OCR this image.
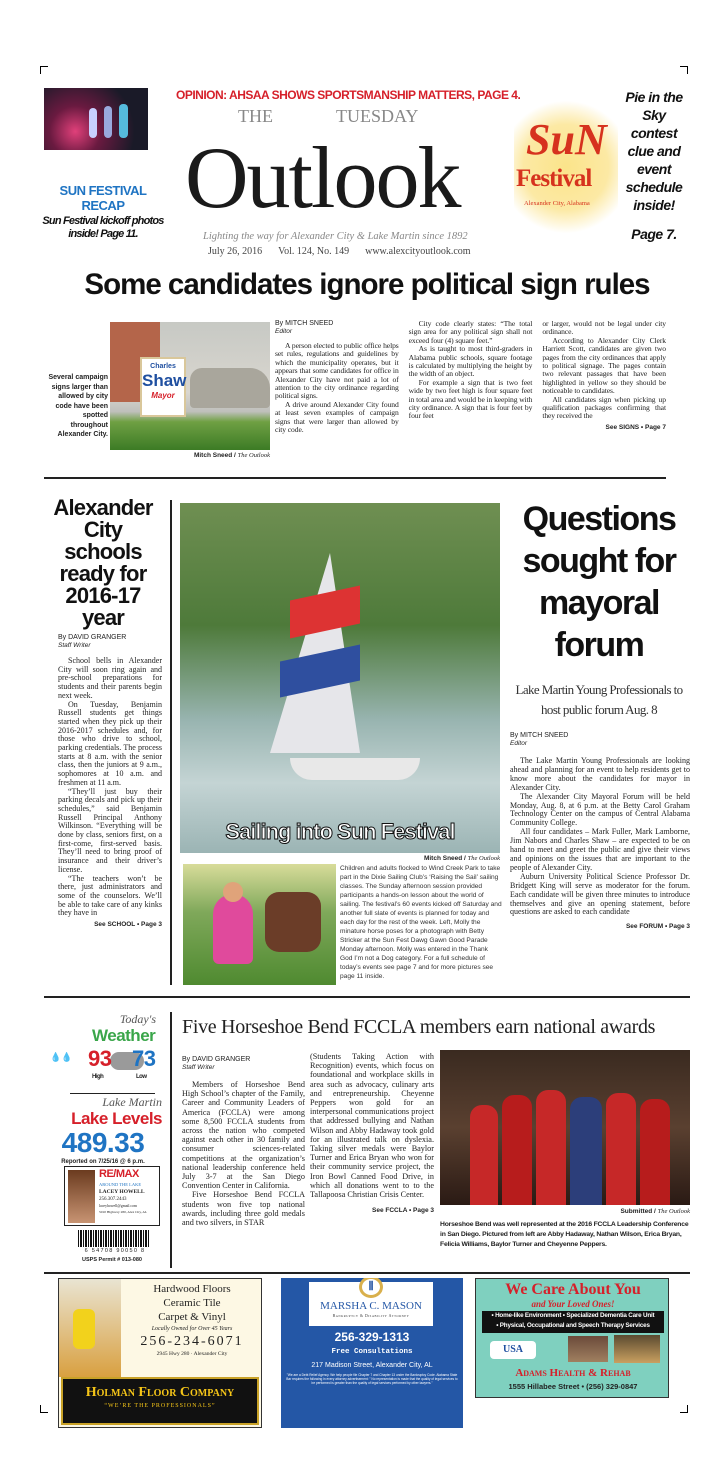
SUN FESTIVAL
RECAP
Sun Festival kickoff photos inside! Page 11.
OPINION: AHSAA SHOWS SPORTSMANSHIP MATTERS, PAGE 4.
THE	TUESDAY
Outlook
Lighting the way for Alexander City & Lake Martin since 1892
July 26, 2016 Vol. 124, No. 149 www.alexcityoutlook.com
SuN
Festival
Alexander City, Alabama
Pie in the Sky contest clue and event schedule inside!
Page 7.
Some candidates ignore political sign rules
Several campaign signs larger than allowed by city code have been spotted throughout Alexander City.
Charles
Shaw
Mayor
Mitch Sneed / The Outlook
By MITCH SNEED
Editor

A person elected to public office helps set rules, regulations and guidelines by which the municipality operates, but it appears that some candidates for office in Alexander City have not paid a lot of attention to the city ordinance regarding political signs.

A drive around Alexander City found at least seven examples of campaign signs that were larger than allowed by city code.

City code clearly states: “The total sign area for any political sign shall not exceed four (4) square feet.”

As is taught to most third-graders in Alabama public schools, square footage is calculated by multiplying the height by the width of an object.

For example a sign that is two feet wide by two feet high is four square feet in total area and would be in keeping with city ordinance. A sign that is four feet by four feet

or larger, would not be legal under city ordinance.

According to Alexander City Clerk Harriett Scott, candidates are given two pages from the city ordinances that apply to political signage. The pages contain two relevant passages that have been highlighted in yellow so they should be noticeable to candidates.

All candidates sign when picking up qualification packages confirming that they received the

See SIGNS • Page 7
Alexander City schools ready for 2016-17 year
By DAVID GRANGER
Staff Writer

School bells in Alexander City will soon ring again and pre-school preparations for students and their parents begin next week.

On Tuesday, Benjamin Russell students get things started when they pick up their 2016-2017 schedules and, for those who drive to school, parking credentials. The process starts at 8 a.m. with the senior class, then the juniors at 9 a.m., sophomores at 10 a.m. and freshmen at 11 a.m.

“They’ll just buy their parking decals and pick up their schedules,” said Benjamin Russell Principal Anthony Wilkinson. “Everything will be done by class, seniors first, on a first-come, first-served basis. They’ll need to bring proof of insurance and their driver’s license.

“The teachers won’t be there, just administrators and some of the counselors. We’ll be able to take care of any kinks they have in

See SCHOOL • Page 3
Sailing into Sun Festival
Mitch Sneed / The Outlook
Children and adults flocked to Wind Creek Park to take part in the Dixie Sailing Club’s ‘Raising the Sail’ sailing classes. The Sunday afternoon session provided participants a hands-on lesson about the world of sailing. The festival’s 60 events kicked off Saturday and another full slate of events is planned for today and each day for the rest of the week. Left, Molly the minature horse poses for a photograph with Betty Stricker at the Sun Fest Dawg Gawn Good Parade Monday afternoon. Molly was entered in the Thank God I’m not a Dog category. For a full schedule of today’s events see page 7 and for more pictures see page 11 inside.
Questions sought for mayoral forum
Lake Martin Young Professionals to host public forum Aug. 8
By MITCH SNEED
Editor

The Lake Martin Young Professionals are looking ahead and planning for an event to help residents get to know more about the candidates for mayor in Alexander City.

The Alexander City Mayoral Forum will be held Monday, Aug. 8, at 6 p.m. at the Betty Carol Graham Technology Center on the campus of Central Alabama Community College.

All four candidates – Mark Fuller, Mark Lamborne, Jim Nabors and Charles Shaw – are expected to be on hand to meet and greet the public and give their views and opinions on the issues that are important to the people of Alexander City.

Auburn University Political Science Professor Dr. Bridgett King will serve as moderator for the forum. Each candidate will be given three minutes to introduce themselves and give an opening statement, before questions are asked to each candidate

See FORUM • Page 3
Today's
Weather
💧💧 93 73
High	Low
Lake Martin
Lake Levels
489.33
Reported on 7/25/16 @ 6 p.m.
RE/MAX
AROUND THE LAKE
LACEY HOWELL
256.307.2443
laceyhowell@gmail.com
5010 Highway 280, Alex City, AL
6 54708 90050 8
USPS Permit # 013-080
Five Horseshoe Bend FCCLA members earn national awards
By DAVID GRANGER
Staff Writer

Members of Horseshoe Bend High School’s chapter of the Family, Career and Community Leaders of America (FCCLA) were among some 8,500 FCCLA students from across the nation who competed against each other in 30 family and consumer sciences-related competitions at the organization’s national leadership conference held July 3-7 at the San Diego Convention Center in California.

Five Horseshoe Bend FCCLA students won five top national awards, including three gold medals and two silvers, in STAR

(Students Taking Action with Recognition) events, which focus on foundational and workplace skills in area such as advocacy, culinary arts and entrepreneurship. Cheyenne Peppers won gold for an interpersonal communications project that addressed bullying and Nathan Wilson and Abby Hadaway took gold for an illustrated talk on dyslexia. Taking silver medals were Baylor Turner and Erica Bryan who won for their community service project, the Iron Bowl Canned Food Drive, in which all donations went to to the Tallapoosa Christian Crisis Center.

See FCCLA • Page 3	Submitted / The Outlook
Horseshoe Bend was well represented at the 2016 FCCLA Leadership Conference in San Diego. Pictured from left are Abby Hadaway, Nathan Wilson, Erica Bryan, Felicia Williams, Baylor Turner and Cheyenne Peppers.
Hardwood Floors
Ceramic Tile
Carpet & Vinyl
Locally Owned for Over 45 Years
256-234-6071
2945 Hwy 280 · Alexander City
Holman Floor Company
“WE’RE THE PROFESSIONALS”
⫼
MARSHA C. MASON
Bankruptcy & Disability Attorney
256-329-1313
Free Consultations
217 Madison Street, Alexander City, AL
"We are a Debt Relief Agency. We help people file Chapter 7 and Chapter 13 under the Bankruptcy Code. Alabama State Bar requires the following in every attorney advertisement: " No representation is made that the quality of legal services to be performed is greater than the quality of legal services performed by other lawyers."
We Care About You
and Your Loved Ones!
• Home-like Environment • Specialized Dementia Care Unit
• Physical, Occupational and Speech Therapy Services
USA
Adams Health & Rehab
1555 Hillabee Street • (256) 329-0847
